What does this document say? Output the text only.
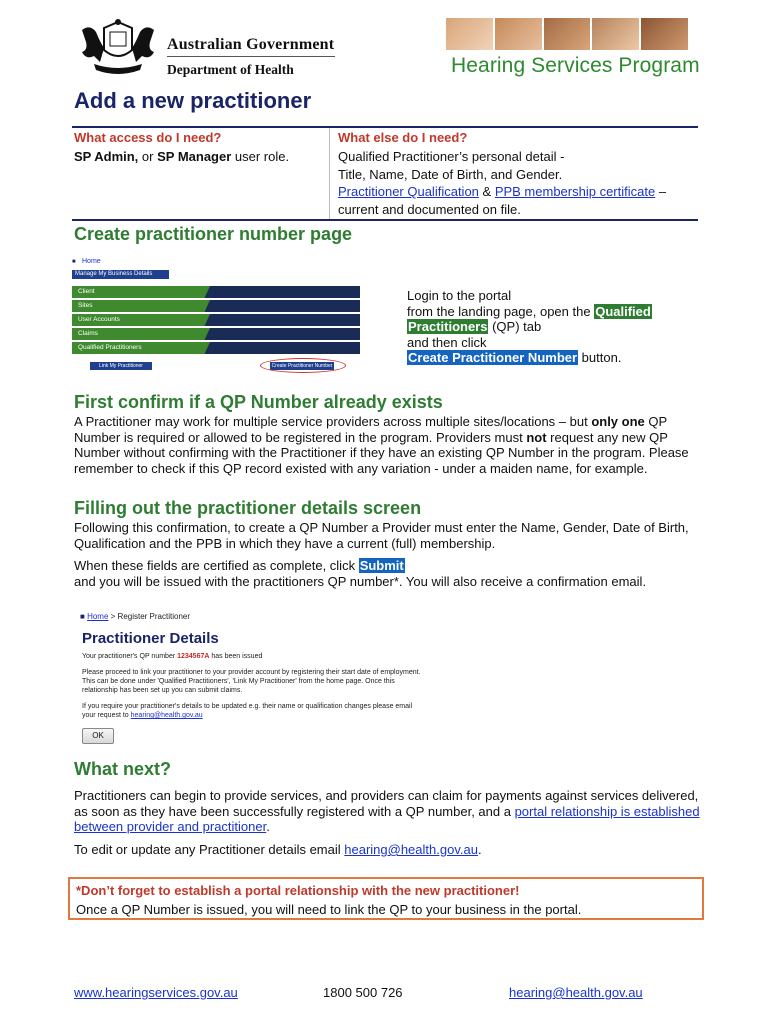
Australian Government
Department of Health	Hearing Services Program
Add a new practitioner
What access do I need?
SP Admin, or SP Manager user role.
What else do I need?
Qualified Practitioner’s personal detail -
Title, Name, Date of Birth, and Gender.
Practitioner Qualification & PPB membership certificate –
current and documented on file.
Create practitioner number page
■ Home
Manage My Business Details
Client
Sites
User Accounts
Claims
Qualified Practitioners
Link My Practitioner	Create Practitioner Number
Login to the portal
from the landing page, open the Qualified
Practitioners (QP) tab
and then click
Create Practitioner Number button.
First confirm if a QP Number already exists
A Practitioner may work for multiple service providers across multiple sites/locations – but only one QP Number is required or allowed to be registered in the program. Providers must not request any new QP Number without confirming with the Practitioner if they have an existing QP Number in the program. Please remember to check if this QP record existed with any variation - under a maiden name, for example.
Filling out the practitioner details screen
Following this confirmation, to create a QP Number a Provider must enter the Name, Gender, Date of Birth, Qualification and the PPB in which they have a current (full) membership.
When these fields are certified as complete, click Submit
and you will be issued with the practitioners QP number*. You will also receive a confirmation email.
■ Home > Register Practitioner
Practitioner Details
Your practitioner's QP number 1234567A has been issued
Please proceed to link your practitioner to your provider account by registering their start date of employment.
This can be done under 'Qualified Practitioners', 'Link My Practitioner' from the home page. Once this
relationship has been set up you can submit claims.
If you require your practitioner's details to be updated e.g. their name or qualification changes please email
your request to hearing@health.gov.au
OK
What next?
Practitioners can begin to provide services, and providers can claim for payments against services delivered, as soon as they have been successfully registered with a QP number, and a portal relationship is established between provider and practitioner.
To edit or update any Practitioner details email hearing@health.gov.au.
*Don’t forget to establish a portal relationship with the new practitioner!
Once a QP Number is issued, you will need to link the QP to your business in the portal.
www.hearingservices.gov.au	1800 500 726	hearing@health.gov.au
